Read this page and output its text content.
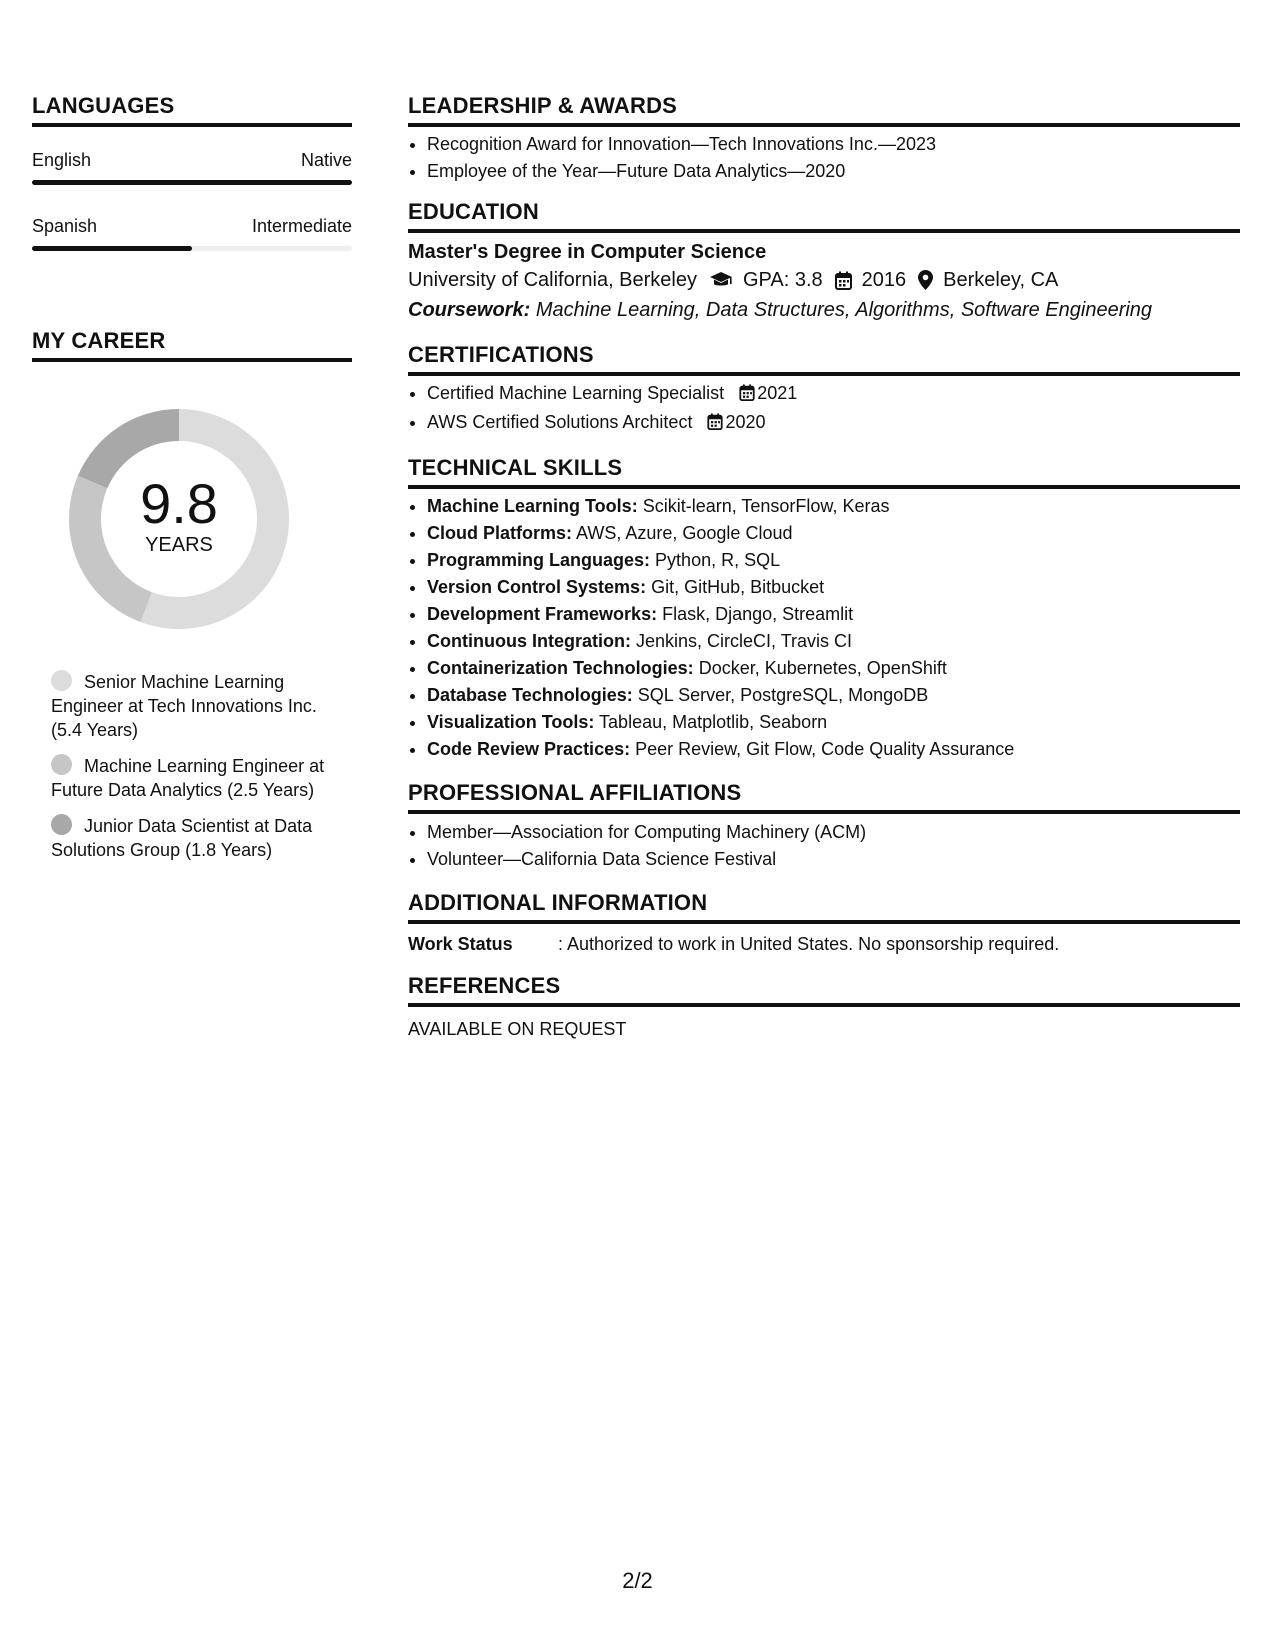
LANGUAGES
English	Native
Spanish	Intermediate
MY CAREER
9.8
YEARS
Senior Machine Learning Engineer at Tech Innovations Inc. (5.4 Years)
Machine Learning Engineer at Future Data Analytics (2.5 Years)
Junior Data Scientist at Data Solutions Group (1.8 Years)
LEADERSHIP & AWARDS
• Recognition Award for Innovation—Tech Innovations Inc.—2023
• Employee of the Year—Future Data Analytics—2020
EDUCATION
Master's Degree in Computer Science
University of California, Berkeley GPA: 3.8 2016 Berkeley, CA
Coursework: Machine Learning, Data Structures, Algorithms, Software Engineering
CERTIFICATIONS
• Certified Machine Learning Specialist 2021
• AWS Certified Solutions Architect 2020
TECHNICAL SKILLS
• Machine Learning Tools: Scikit-learn, TensorFlow, Keras
• Cloud Platforms: AWS, Azure, Google Cloud
• Programming Languages: Python, R, SQL
• Version Control Systems: Git, GitHub, Bitbucket
• Development Frameworks: Flask, Django, Streamlit
• Continuous Integration: Jenkins, CircleCI, Travis CI
• Containerization Technologies: Docker, Kubernetes, OpenShift
• Database Technologies: SQL Server, PostgreSQL, MongoDB
• Visualization Tools: Tableau, Matplotlib, Seaborn
• Code Review Practices: Peer Review, Git Flow, Code Quality Assurance
PROFESSIONAL AFFILIATIONS
• Member—Association for Computing Machinery (ACM)
• Volunteer—California Data Science Festival
ADDITIONAL INFORMATION
Work Status	: Authorized to work in United States. No sponsorship required.
REFERENCES
AVAILABLE ON REQUEST
2/2
